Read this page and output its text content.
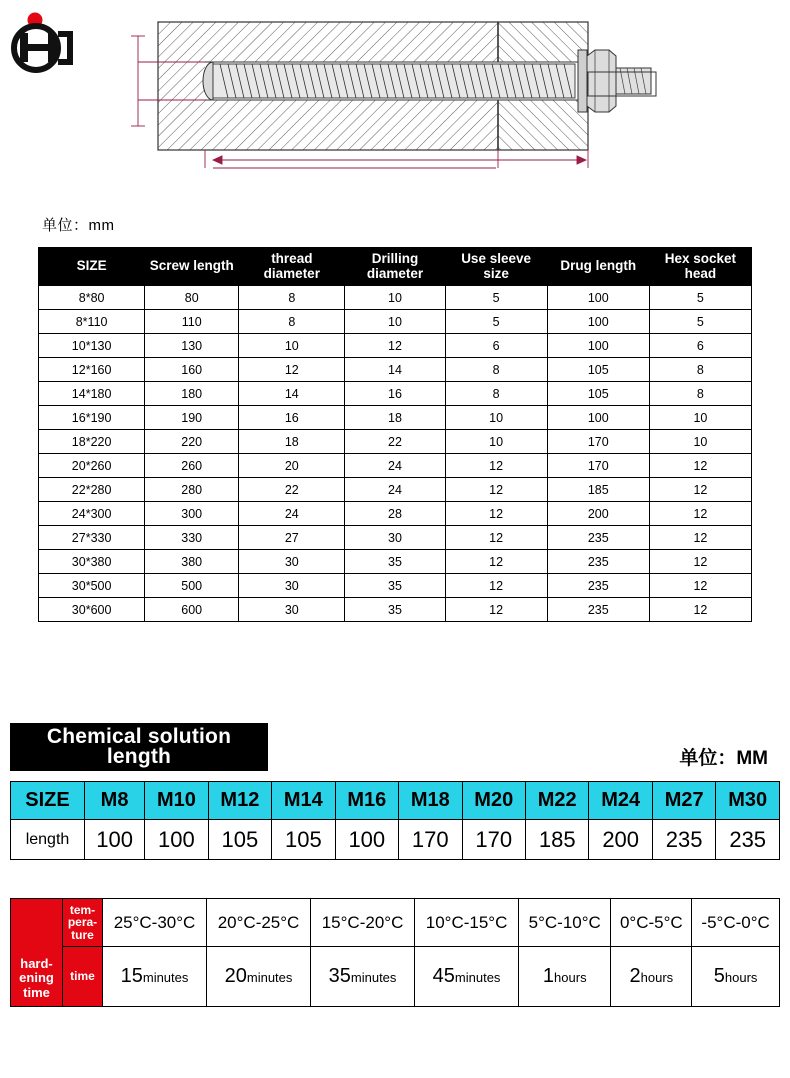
单位：mm
SIZE	Screw length	thread diameter	Drilling diameter	Use sleeve size	Drug length	Hex socket head
8*80	80	8	10	5	100	5
8*110	110	8	10	5	100	5
10*130	130	10	12	6	100	6
12*160	160	12	14	8	105	8
14*180	180	14	16	8	105	8
16*190	190	16	18	10	100	10
18*220	220	18	22	10	170	10
20*260	260	20	24	12	170	12
22*280	280	22	24	12	185	12
24*300	300	24	28	12	200	12
27*330	330	27	30	12	235	12
30*380	380	30	35	12	235	12
30*500	500	30	35	12	235	12
30*600	600	30	35	12	235	12
Chemical solution length	单位：MM
SIZE	M8	M10	M12	M14	M16	M18	M20	M22	M24	M27	M30
length	100	100	105	105	100	170	170	185	200	235	235
hard-ening time	tem-pera-ture	25°C-30°C	20°C-25°C	15°C-20°C	10°C-15°C	5°C-10°C	0°C-5°C	-5°C-0°C
	time	15minutes	20minutes	35minutes	45minutes	1hours	2hours	5hours
